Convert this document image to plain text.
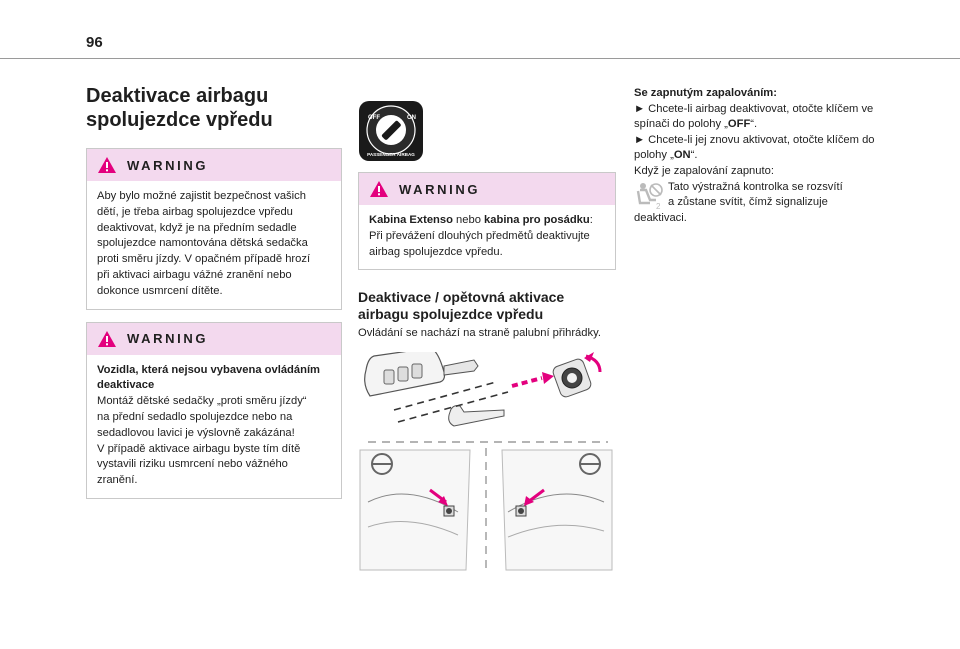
96
Deaktivace airbagu
spolujezdce vpředu
WARNING

Aby bylo možné zajistit bezpečnost vašich

dětí, je třeba airbag spolujezdce vpředu

deaktivovat, když je na předním sedadle

spolujezdce namontována dětská sedačka

proti směru jízdy. V opačném případě hrozí

při aktivaci airbagu vážné zranění nebo

dokonce usmrcení dítěte.

WARNING

Vozidla, která nejsou vybavena ovládáním

deaktivace

Montáž dětské sedačky „proti směru jízdy“

na přední sedadlo spolujezdce nebo na

sedadlovou lavici je výslovně zakázána!

V případě aktivace airbagu byste tím dítě

vystavili riziku usmrcení nebo vážného

zranění.

OFF	ON
PASSENGER AIRBAG
WARNING

Kabina Extenso nebo kabina pro posádku:

Při převážení dlouhých předmětů deaktivujte

airbag spolujezdce vpředu.

Deaktivace / opětovná aktivace
airbagu spolujezdce vpředu

Ovládání se nachází na straně palubní přihrádky.

Se zapnutým zapalováním:

► Chcete-li airbag deaktivovat, otočte klíčem ve

spínači do polohy „OFF“.

► Chcete-li jej znovu aktivovat, otočte klíčem do

polohy „ON“.

Když je zapalování zapnuto:

2

Tato výstražná kontrolka se rozsvítí

a zůstane svítit, čímž signalizuje

deaktivaci.
